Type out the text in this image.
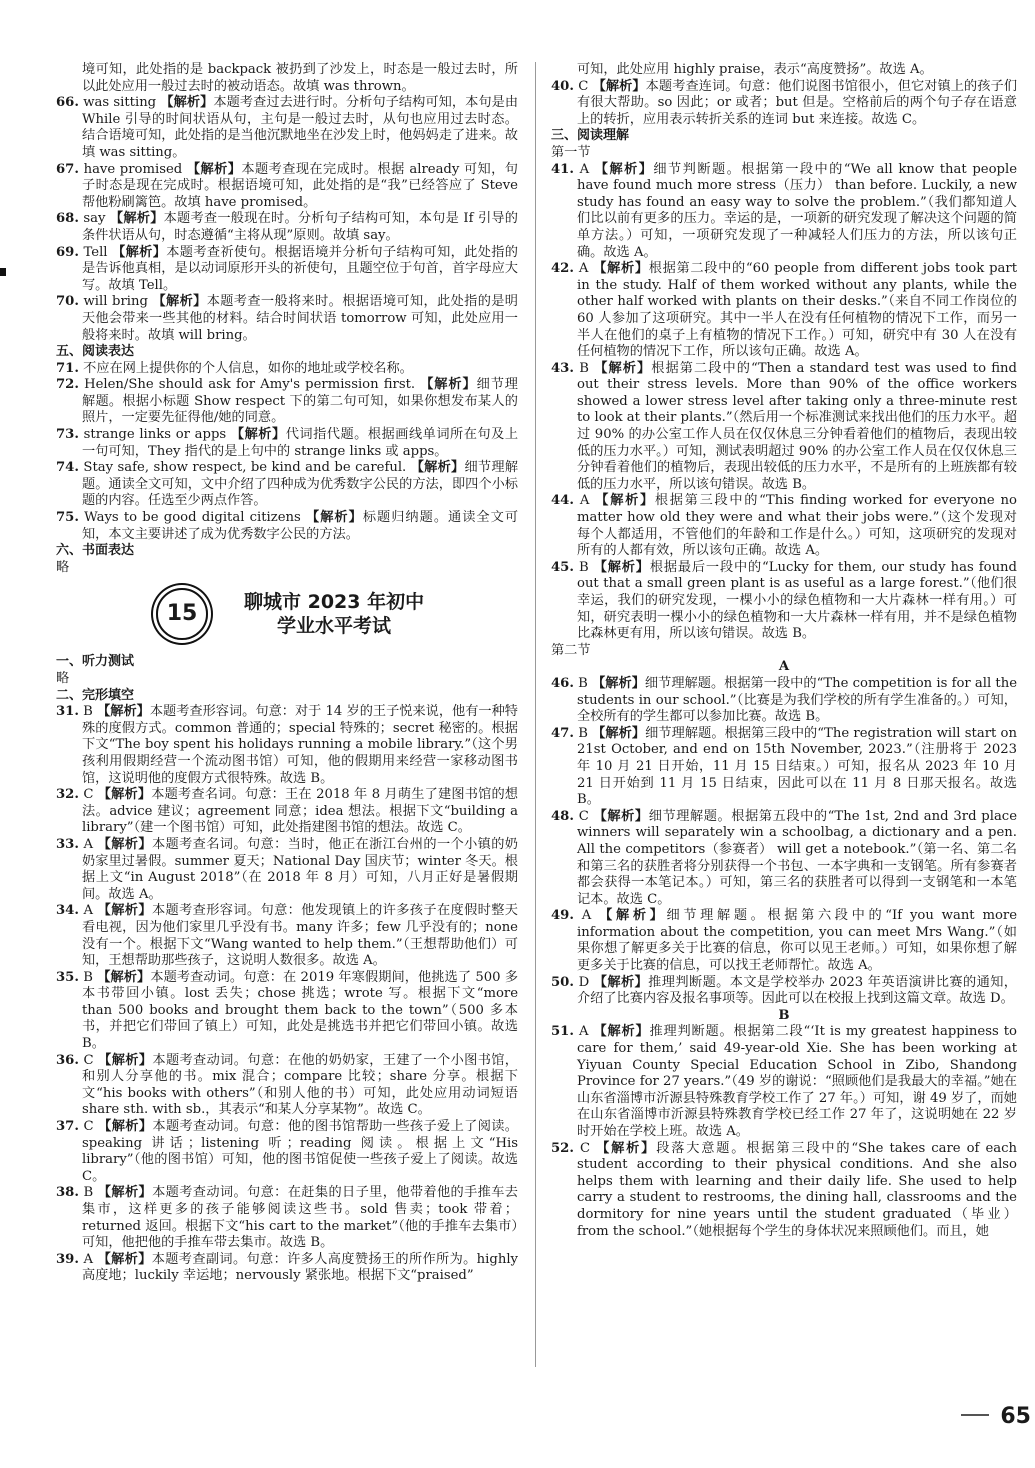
境可知，此处指的是 backpack 被扔到了沙发上，时态是一般过去时，所以此处应用一般过去时的被动语态。故填 was thrown。

66. was sitting 【解析】本题考查过去进行时。分析句子结构可知，本句是由 While 引导的时间状语从句，主句是一般过去时，从句也应用过去时态。结合语境可知，此处指的是当他沉默地坐在沙发上时，他妈妈走了进来。故填 was sitting。

67. have promised 【解析】本题考查现在完成时。根据 already 可知，句子时态是现在完成时。根据语境可知，此处指的是“我”已经答应了 Steve 帮他粉刷篱笆。故填 have promised。

68. say 【解析】本题考查一般现在时。分析句子结构可知，本句是 If 引导的条件状语从句，时态遵循“主将从现”原则。故填 say。

69. Tell 【解析】本题考查祈使句。根据语境并分析句子结构可知，此处指的是告诉他真相，是以动词原形开头的祈使句，且题空位于句首，首字母应大写。故填 Tell。

70. will bring 【解析】本题考查一般将来时。根据语境可知，此处指的是明天他会带来一些其他的材料。结合时间状语 tomorrow 可知，此处应用一般将来时。故填 will bring。

五、阅读表达

71. 不应在网上提供你的个人信息，如你的地址或学校名称。

72. Helen/She should ask for Amy's permission first. 【解析】细节理解题。根据小标题 Show respect 下的第二句可知，如果你想发布某人的照片，一定要先征得他/她的同意。

73. strange links or apps 【解析】代词指代题。根据画线单词所在句及上一句可知，They 指代的是上句中的 strange links 或 apps。

74. Stay safe, show respect, be kind and be careful. 【解析】细节理解题。通读全文可知，文中介绍了四种成为优秀数字公民的方法，即四个小标题的内容。任选至少两点作答。

75. Ways to be good digital citizens 【解析】标题归纳题。通读全文可知，本文主要讲述了成为优秀数字公民的方法。

六、书面表达

略

15	聊城市 2023 年初中
学业水平考试

一、听力测试

略

二、完形填空

31. B 【解析】本题考查形容词。句意：对于 14 岁的王子悦来说，他有一种特殊的度假方式。common 普通的；special 特殊的；secret 秘密的。根据下文“The boy spent his holidays running a mobile library.”（这个男孩利用假期经营一个流动图书馆）可知，他的假期用来经营一家移动图书馆，这说明他的度假方式很特殊。故选 B。

32. C 【解析】本题考查名词。句意：王在 2018 年 8 月萌生了建图书馆的想法。advice 建议；agreement 同意；idea 想法。根据下文“building a library”（建一个图书馆）可知，此处指建图书馆的想法。故选 C。

33. A 【解析】本题考查名词。句意：当时，他正在浙江台州的一个小镇的奶奶家里过暑假。summer 夏天；National Day 国庆节；winter 冬天。根据上文“in August 2018”（在 2018 年 8 月）可知，八月正好是暑假期间。故选 A。

34. A 【解析】本题考查形容词。句意：他发现镇上的许多孩子在度假时整天看电视，因为他们家里几乎没有书。many 许多；few 几乎没有的；none 没有一个。根据下文“Wang wanted to help them.”（王想帮助他们）可知，王想帮助那些孩子，这说明人数很多。故选 A。

35. B 【解析】本题考查动词。句意：在 2019 年寒假期间，他挑选了 500 多本书带回小镇。lost 丢失；chose 挑选；wrote 写。根据下文“more than 500 books and brought them back to the town”（500 多本书，并把它们带回了镇上）可知，此处是挑选书并把它们带回小镇。故选 B。

36. C 【解析】本题考查动词。句意：在他的奶奶家，王建了一个小图书馆，和别人分享他的书。mix 混合；compare 比较；share 分享。根据下文“his books with others”（和别人他的书）可知，此处应用动词短语 share sth. with sb.，其表示“和某人分享某物”。故选 C。

37. C 【解析】本题考查动词。句意：他的图书馆帮助一些孩子爱上了阅读。speaking 讲话；listening 听；reading 阅读。根据上文“His library”（他的图书馆）可知，他的图书馆促使一些孩子爱上了阅读。故选 C。

38. B 【解析】本题考查动词。句意：在赶集的日子里，他带着他的手推车去集市，这样更多的孩子能够阅读这些书。sold 售卖；took 带着；returned 返回。根据下文“his cart to the market”（他的手推车去集市）可知，他把他的手推车带去集市。故选 B。

39. A 【解析】本题考查副词。句意：许多人高度赞扬王的所作所为。highly 高度地；luckily 幸运地；nervously 紧张地。根据下文“praised”

可知，此处应用 highly praise，表示“高度赞扬”。故选 A。

40. C 【解析】本题考查连词。句意：他们说图书馆很小，但它对镇上的孩子们有很大帮助。so 因此；or 或者；but 但是。空格前后的两个句子存在语意上的转折，应用表示转折关系的连词 but 来连接。故选 C。

三、阅读理解

第一节

41. A 【解析】细节判断题。根据第一段中的“We all know that people have found much more stress（压力） than before. Luckily, a new study has found an easy way to solve the problem.”（我们都知道人们比以前有更多的压力。幸运的是，一项新的研究发现了解决这个问题的简单方法。）可知，一项研究发现了一种减轻人们压力的方法，所以该句正确。故选 A。

42. A 【解析】根据第二段中的“60 people from different jobs took part in the study. Half of them worked without any plants, while the other half worked with plants on their desks.”（来自不同工作岗位的 60 人参加了这项研究。其中一半人在没有任何植物的情况下工作，而另一半人在他们的桌子上有植物的情况下工作。）可知，研究中有 30 人在没有任何植物的情况下工作，所以该句正确。故选 A。

43. B 【解析】根据第二段中的“Then a standard test was used to find out their stress levels. More than 90% of the office workers showed a lower stress level after taking only a three-minute rest to look at their plants.”（然后用一个标准测试来找出他们的压力水平。超过 90% 的办公室工作人员在仅仅休息三分钟看着他们的植物后，表现出较低的压力水平。）可知，测试表明超过 90% 的办公室工作人员在仅仅休息三分钟看着他们的植物后，表现出较低的压力水平，不是所有的上班族都有较低的压力水平，所以该句错误。故选 B。

44. A 【解析】根据第三段中的“This finding worked for everyone no matter how old they were and what their jobs were.”（这个发现对每个人都适用，不管他们的年龄和工作是什么。）可知，这项研究的发现对所有的人都有效，所以该句正确。故选 A。

45. B 【解析】根据最后一段中的“Lucky for them, our study has found out that a small green plant is as useful as a large forest.”（他们很幸运，我们的研究发现，一棵小小的绿色植物和一大片森林一样有用。）可知，研究表明一棵小小的绿色植物和一大片森林一样有用，并不是绿色植物比森林更有用，所以该句错误。故选 B。

第二节

A

46. B 【解析】细节理解题。根据第一段中的“The competition is for all the students in our school.”（比赛是为我们学校的所有学生准备的。）可知，全校所有的学生都可以参加比赛。故选 B。

47. B 【解析】细节理解题。根据第三段中的“The registration will start on 21st October, and end on 15th November, 2023.”（注册将于 2023 年 10 月 21 日开始，11 月 15 日结束。）可知，报名从 2023 年 10 月 21 日开始到 11 月 15 日结束，因此可以在 11 月 8 日那天报名。故选 B。

48. C 【解析】细节理解题。根据第五段中的“The 1st, 2nd and 3rd place winners will separately win a schoolbag, a dictionary and a pen. All the competitors（参赛者） will get a notebook.”（第一名、第二名和第三名的获胜者将分别获得一个书包、一本字典和一支钢笔。所有参赛者都会获得一本笔记本。）可知，第三名的获胜者可以得到一支钢笔和一本笔记本。故选 C。

49. A 【解析】细节理解题。根据第六段中的“If you want more information about the competition, you can meet Mrs Wang.”（如果你想了解更多关于比赛的信息，你可以见王老师。）可知，如果你想了解更多关于比赛的信息，可以找王老师帮忙。故选 A。

50. D 【解析】推理判断题。本文是学校举办 2023 年英语演讲比赛的通知，介绍了比赛内容及报名事项等。因此可以在校报上找到这篇文章。故选 D。

B

51. A 【解析】推理判断题。根据第二段“‘It is my greatest happiness to care for them,’ said 49-year-old Xie. She has been working at Yiyuan County Special Education School in Zibo, Shandong Province for 27 years.”（49 岁的谢说：“照顾他们是我最大的幸福。”她在山东省淄博市沂源县特殊教育学校工作了 27 年。）可知，谢 49 岁了，而她在山东省淄博市沂源县特殊教育学校已经工作 27 年了，这说明她在 22 岁时开始在学校上班。故选 A。

52. C 【解析】段落大意题。根据第三段中的“She takes care of each student according to their physical conditions. And she also helps them with learning and their daily life. She used to help carry a student to restrooms, the dining hall, classrooms and the dormitory for nine years until the student graduated（毕业） from the school.”（她根据每个学生的身体状况来照顾他们。而且，她

65
